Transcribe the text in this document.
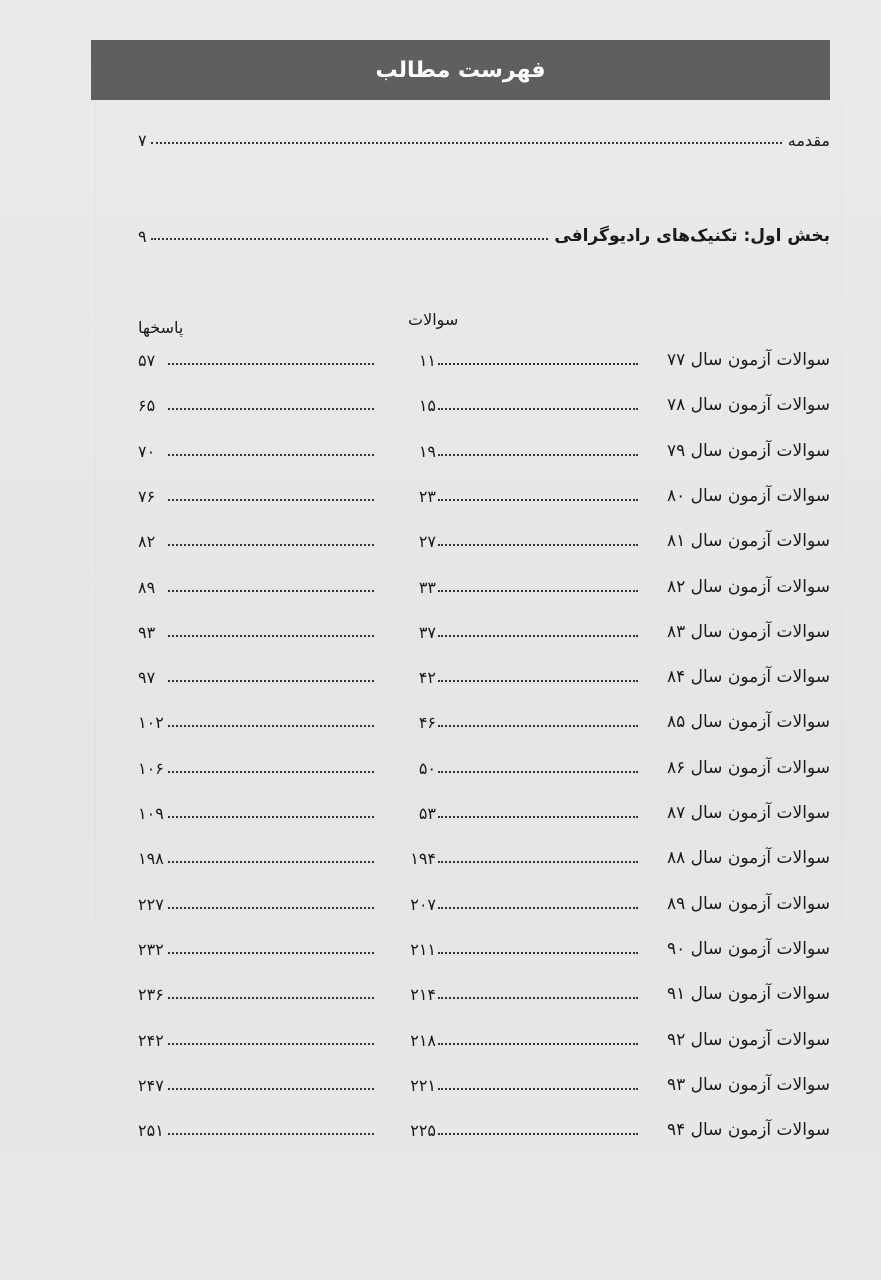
فهرست مطالب
مقدمه
۷
بخش اول: تکنیک‌های رادیوگرافی
۹
سوالات
پاسخها
سوالات آزمون سال ۷۷
۱۱
۵۷
سوالات آزمون سال ۷۸
۱۵
۶۵
سوالات آزمون سال ۷۹
۱۹
۷۰
سوالات آزمون سال ۸۰
۲۳
۷۶
سوالات آزمون سال ۸۱
۲۷
۸۲
سوالات آزمون سال ۸۲
۳۳
۸۹
سوالات آزمون سال ۸۳
۳۷
۹۳
سوالات آزمون سال ۸۴
۴۲
۹۷
سوالات آزمون سال ۸۵
۴۶
۱۰۲
سوالات آزمون سال ۸۶
۵۰
۱۰۶
سوالات آزمون سال ۸۷
۵۳
۱۰۹
سوالات آزمون سال ۸۸
۱۹۴
۱۹۸
سوالات آزمون سال ۸۹
۲۰۷
۲۲۷
سوالات آزمون سال ۹۰
۲۱۱
۲۳۲
سوالات آزمون سال ۹۱
۲۱۴
۲۳۶
سوالات آزمون سال ۹۲
۲۱۸
۲۴۲
سوالات آزمون سال ۹۳
۲۲۱
۲۴۷
سوالات آزمون سال ۹۴
۲۲۵
۲۵۱
